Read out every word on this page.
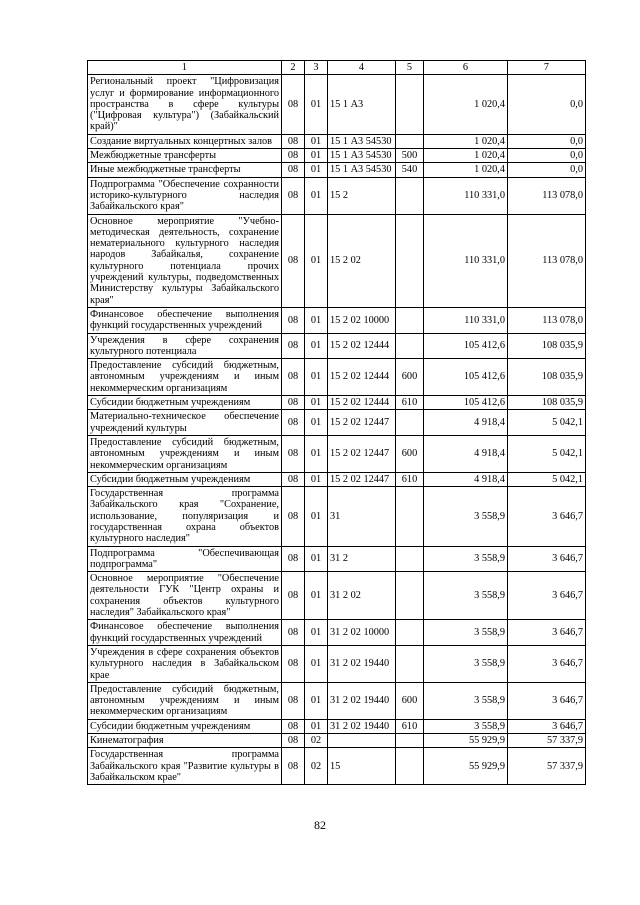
1	2	3	4	5	6	7
Региональный проект "Цифровизация услуг и формирование информационного пространства в сфере культуры ("Цифровая культура") (Забайкальский край)"	08	01	15 1 А3		1 020,4	0,0
Создание виртуальных концертных залов	08	01	15 1 А3 54530		1 020,4	0,0
Межбюджетные трансферты	08	01	15 1 А3 54530	500	1 020,4	0,0
Иные межбюджетные трансферты	08	01	15 1 А3 54530	540	1 020,4	0,0
Подпрограмма "Обеспечение сохранности историко-культурного наследия Забайкальского края"	08	01	15 2		110 331,0	113 078,0
Основное мероприятие "Учебно-методическая деятельность, сохранение нематериального культурного наследия народов Забайкалья, сохранение культурного потенциала прочих учреждений культуры, подведомственных Министерству культуры Забайкальского края"	08	01	15 2 02		110 331,0	113 078,0
Финансовое обеспечение выполнения функций государственных учреждений	08	01	15 2 02 10000		110 331,0	113 078,0
Учреждения в сфере сохранения культурного потенциала	08	01	15 2 02 12444		105 412,6	108 035,9
Предоставление субсидий бюджетным, автономным учреждениям и иным некоммерческим организациям	08	01	15 2 02 12444	600	105 412,6	108 035,9
Субсидии бюджетным учреждениям	08	01	15 2 02 12444	610	105 412,6	108 035,9
Материально-техническое обеспечение учреждений культуры	08	01	15 2 02 12447		4 918,4	5 042,1
Предоставление субсидий бюджетным, автономным учреждениям и иным некоммерческим организациям	08	01	15 2 02 12447	600	4 918,4	5 042,1
Субсидии бюджетным учреждениям	08	01	15 2 02 12447	610	4 918,4	5 042,1
Государственная программа Забайкальского края "Сохранение, использование, популяризация и государственная охрана объектов культурного наследия"	08	01	31		3 558,9	3 646,7
Подпрограмма "Обеспечивающая подпрограмма"	08	01	31 2		3 558,9	3 646,7
Основное мероприятие "Обеспечение деятельности ГУК "Центр охраны и сохранения объектов культурного наследия" Забайкальского края"	08	01	31 2 02		3 558,9	3 646,7
Финансовое обеспечение выполнения функций государственных учреждений	08	01	31 2 02 10000		3 558,9	3 646,7
Учреждения в сфере сохранения объектов культурного наследия в Забайкальском крае	08	01	31 2 02 19440		3 558,9	3 646,7
Предоставление субсидий бюджетным, автономным учреждениям и иным некоммерческим организациям	08	01	31 2 02 19440	600	3 558,9	3 646,7
Субсидии бюджетным учреждениям	08	01	31 2 02 19440	610	3 558,9	3 646,7
Кинематография	08	02			55 929,9	57 337,9
Государственная программа Забайкальского края "Развитие культуры в Забайкальском крае"	08	02	15		55 929,9	57 337,9
82
